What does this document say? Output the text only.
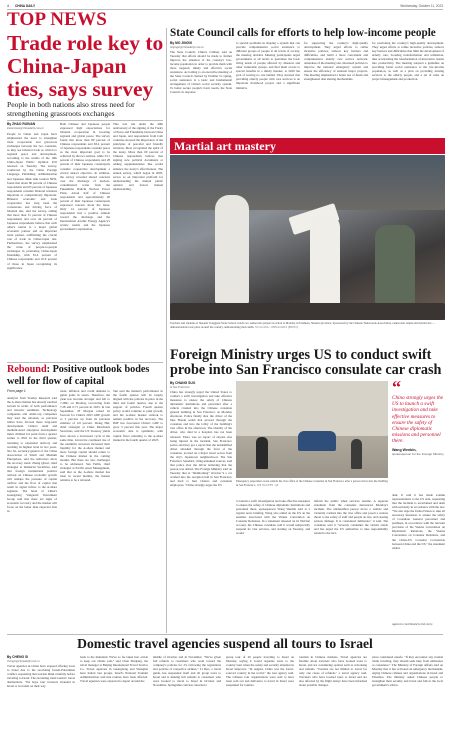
4 CHINA DAILY	Wednesday, October 11, 2023
TOP NEWS
Trade role key to China-Japan ties, says survey
People in both nations also stress need for strengthening grassroots exchanges
By ZHAO RUINAN
zhaoruinan@chinadaily.com.cn
People in China and Japan have emphasized the need to strengthen trade cooperation and grassroots exchanges between the two countries, as they see bilateral trade as critical to regional peace and development, according to the results of the 19th China-Japan Public Opinion Poll released on Tuesday. The survey, conducted by the China Foreign Language Publishing Administration and Japanese think tank Genron NPO, found that about 80 percent of Chinese respondents and 65 percent of Japanese respondents consider bilateral relations important or comparatively important. Bilateral economic and trade cooperation has long been the cornerstone and driving force of bilateral ties, said the survey, adding that more than 51 percent of Chinese respondents and over 44 percent of Japanese respondents believe that each other's nation is a major global economic partner and an important trade partner, reaffirming the crucial role of trade in China-Japan ties. Furthermore, the survey emphasized the value of people-to-people exchanges in promoting China-Japan friendship, with 81.4 percent of Chinese respondents and 45.6 percent of those in Japan recognizing its significance.
Both Chinese and Japanese people expressed high expectations for bilateral cooperation in boosting regional and global peace. The survey found that more than 80 percent of Chinese respondents and 63.4 percent of Japanese respondents consider peace as the most important goal to be achieved by the two nations, while 53.1 percent of Chinese respondents and 28 percent of their Japanese counterparts consider cooperative development a crucial shared objective. In addition, the survey revealed shared concerns over the discharge of nuclear-contaminated water from the Fukushima Daiichi Nuclear Power Plant. About half of Chinese respondents and approximately 40 percent of their Japanese counterparts expressed concern about the issue. Only 14 percent of Japanese respondents had a positive attitude toward the discharge and the International Atomic Energy Agency's review results and the Japanese government's explanation.
This was run under the 40th anniversary of the signing of the Treaty of Peace and Friendship between China and Japan, and respondents from both countries stressed the importance of the principles of peaceful and friendly relations. Most recognized the spirit of the treaty. More than 60 percent of Chinese respondents believe that signing new political documents or adding supplementaries like would enhance the treaty's effectiveness. The annual survey, which began in 2005, serves as an important platform for understanding the mutual public opinion and fosters mutual understanding.
Rebound: Positive outlook bodes well for flow of capital
From page 1
Analysts from Stanley Research said the A-share market has already touched bottom in terms of both performance and investor sentiment. Technology companies and small-cap companies may lead the rebound, as previous rallies have favored these long-term development. China's retail and medium-sized enterprise development index climbed 0.2 point from a quarter earlier to 89.0 in the third quarter, returning to expansion territory and reaching its highest level in two years. Xia Xi, secretary-general of the China Association of Small and Medium Enterprises, said the indicators show the recovery trend. Zhang Qiwei, chief strategist at Industrial Securities, said that foreign institutional positive outlook on Chinese economic growth will reshape the pressure of capital outflow and the flow of capital that result in signal inflow to the A-share segment. The head of China's Guangdong Vanguard Investment Group said that there are signs of economic recovery and the market will focus on the better than expected data in
trade, inflation and credit demand to guide gains in assets. Therefore, the yuan has become stronger and fell to 7.2691 on Monday, recovering from 7.28 and 0.71 percent in 2023. In late September, JP Morgan raised its forecast for China's 2023 GDP growth to 5 percent, up from its previous estimate of 4.8 percent. Zhang Hui, chief strategist at China Merchants Securities, said the US Treasury yields have shown a downward cycle at the same time. Given the continued rise of the renminbi, investors increased their liquidity for the A-share market and more foreign capital should return to the Chinese market in the coming months. But there are also challenges to be addressed. Sun Peilin, chief strategist at Pacific Asset Management, said that as the A-share market has risen in recent months, the market remains to be a rebound.
Sun said the market's performance in the fourth quarter will be largely aligned with the policies in place in the third and fourth quarter, due to the support of policies. Fourth quarter policy would continue to push growth, and the A-share market outlook to remain positive in the recovery. The IMF has forecasted China's GDP to grow 5 percent this year. The major economic data is optimistic, with capital flows returning to the A-share market in the fourth quarter of 2023.
State Council calls for efforts to help low-income people
By MO JINGXI
mojingxi@chinadaily.com.cn
The State Council, China's Cabinet, said on Tuesday that efforts should be made to further improve the situation of the country's low-income population in order to provide them with more targeted, timely and effective social assistance. According to an executive meeting of the State Council chaired by Premier Li Qiang, social assistance is a basic and fundamental arrangement of China's social security system. To better secure people's basic needs, the State Council, in response
to special problems in shaping a system that can provide comprehensive social assistance to different groups of people at all levels of society, the meeting decided. Meeting participants urged governments at all levels to guarantee the basic living needs of people affected by disasters and other vulnerable groups, and find them access to special benefits in a timely manner, to fulfil the goal of leaving no one behind. They stressed that providing elderly people with care services is an important livelihood project and a significant initiative
for supporting the country's high-quality development. They urged efforts to refine incentive policies, remove key barriers and difficulties, and build a more convenient and comprehensive elderly care service network. Attendees of the meeting also discussed policies to improve the national emergency system and ensure the efficiency of national major projects. The meeting emphasized a better use of funds and strengthened data sharing mechanisms.
for promoting the country's high-quality development. They urged efforts to refine incentive policies, remove key barriers and difficulties that limit the development of elderly care, boosting transformation and utilization, thus accelerating the transformation of innovative results into productivity. The meeting adopted a guideline on providing better social assistance to the low-income population, as well as a plan on providing nursing services to the elderly people, and a set of rules on project management and production.
Martial art mastery
Teachers and students at Shaanxi Tongguan Yaole School watch two taekwondo players in action at Monday in Taizhuan, Shaanxi province. Sponsored by the Chinese Taekwondo Association, taekwondo tennis and martial arts — demonstrations took place around the country, demonstrating their skills. XU GUANG / CHINA DAILY (PHOTO)
Foreign Ministry urges US to conduct swift probe into San Francisco consulate car crash
By CHANG SUO
in San Francisco
China has strongly urged the United States to conduct a swift investigation and take effective measures to ensure the safety of Chinese diplomatic institutions and personnel after a vehicle crashed into the Chinese consulate general building in San Francisco on Monday afternoon. Police finally shot the driver of the blue Honda sedan that plowed through the consulate and into the lobby of the building's visa office in the afternoon. The identity of the driver, who died in a hospital, has not been released. There was no report of anyone else being injured in the incident. San Francisco police said they got a report that the unidentified driver smashed through the front of the consulate, located on a major street across from the city's Japantown neighborhood. The San Francisco Standard, citing unnamed sources, said that police shot the driver believing that the person was armed. The Foreign Ministry said on Tuesday that at "midmorning" October 9 a car crashed into the reception hall in San Francisco and tried to hurt visitors and consulate employees. "China strongly urges the US
Emergency responders work outside the visa office of the Chinese consulate in San Francisco after a person drove into the building in San Francisco. LEE NGUYEN / AP
to launch a swift investigation and take effective measures to ensure the safety of Chinese diplomatic institutions and personnel there, spokesperson Wang Wenbin said at a regular news briefing. Wang also added on the US on the enemies associated with the Vienna Convention on Consular Relations. In a statement released on its WeChat account, the Chinese consulate said it would temporarily suspend its visa services, and starting on Tuesday, and would
inform the public when services resume. A separate statement from the consulate denounced Monday's incident. The unidentified person drove a vehicle and violently crashed into the visa office and posed a serious threat to the safety of staff and people on site, and causing serious damage. It is considered deliberate," it said. The consulate said it "severely condemns the violent attack and has urged the US authorities to take responsibility related to the inci-
“
China strongly urges the US to launch a swift investigation and take effective measures to ensure the safety of Chinese diplomatic missions and personnel there.
Wang Wenbin,
spokesperson for the Foreign Ministry
dent. It said it has made solemn representations to the US side, requesting that the incident is ascertained and dealt with seriously in accordance with the law. "We also urge the United States to take all necessary measures to ensure the safety of Consulate General personnel and premises, in accordance with the relevant provision of the Vienna Convention on Diplomatic Relations, the Vienna Convention on Consular Relations, and the China-US Consular Convention between China and the US," the statement added.
Agencies contributed to this story.
Domestic travel agencies suspend all tours to Israel
By CHENG SI
chengsi@chinadaily.com.cn
Travel agencies in China have stopped offering tours to Israel due to the escalating Israeli-Palestinian conflict, requesting that tourists think carefully before traveling to Israel. The escalating trend tourists' travel destinations. "We hope tour travelers stranded in Israel or in transit on their way
back to the mainland, We've so far taken into action to keep our clients safe," said Chen Zhiqiang, the travel manager at Beijing International Travel Service Co. Travel agencies in Guangdong and Shanghai have halted tour groups. Israel's National Tourism Administration said that tourists have been affected. Travel agencies were expected to depart around the
middle of October and in November. "We've given full refunds to customers who went toward the company's policies for 23, following the regulations and policies of respective airlines." Li Duo, a travel guide, has suspended itself and all group tours to Israel and is making full refunds to customers who were booked to travel to Israel in October and November, Springtime.com has canceled a
group tour of 26 people traveling to Israel on Monday, saying it would organize tours to the country later when the safety and security situation in Israel improves. "In August, China was the travel-sourced country in the world," the tour agency said. The Chinese tour organizations were said to have been sold out and deliveries to travel in Israel were suspended for tourists.
tourism in Chinese markets. Travel agencies are flexible about travelers who have booked tours to Israel, and are considering options such as rebooking and refunds. "Tourists are not limited to travel for only one cause of refunds," a travel agency said. Travelers who have booked tours to Israel and are also affected by the flight delays have been informed about possible changes.
place considered unsafe. "If they encounter any trouble while traveling, they should seek help from embassies or consulates." The Ministry of Foreign Affairs said on Monday that it has activated an emergency mechanism, urging Chinese citizens and organizations in Israel and Palestine. The ministry asked Chinese people to strengthen their security and travel and follow the local government's advice.
